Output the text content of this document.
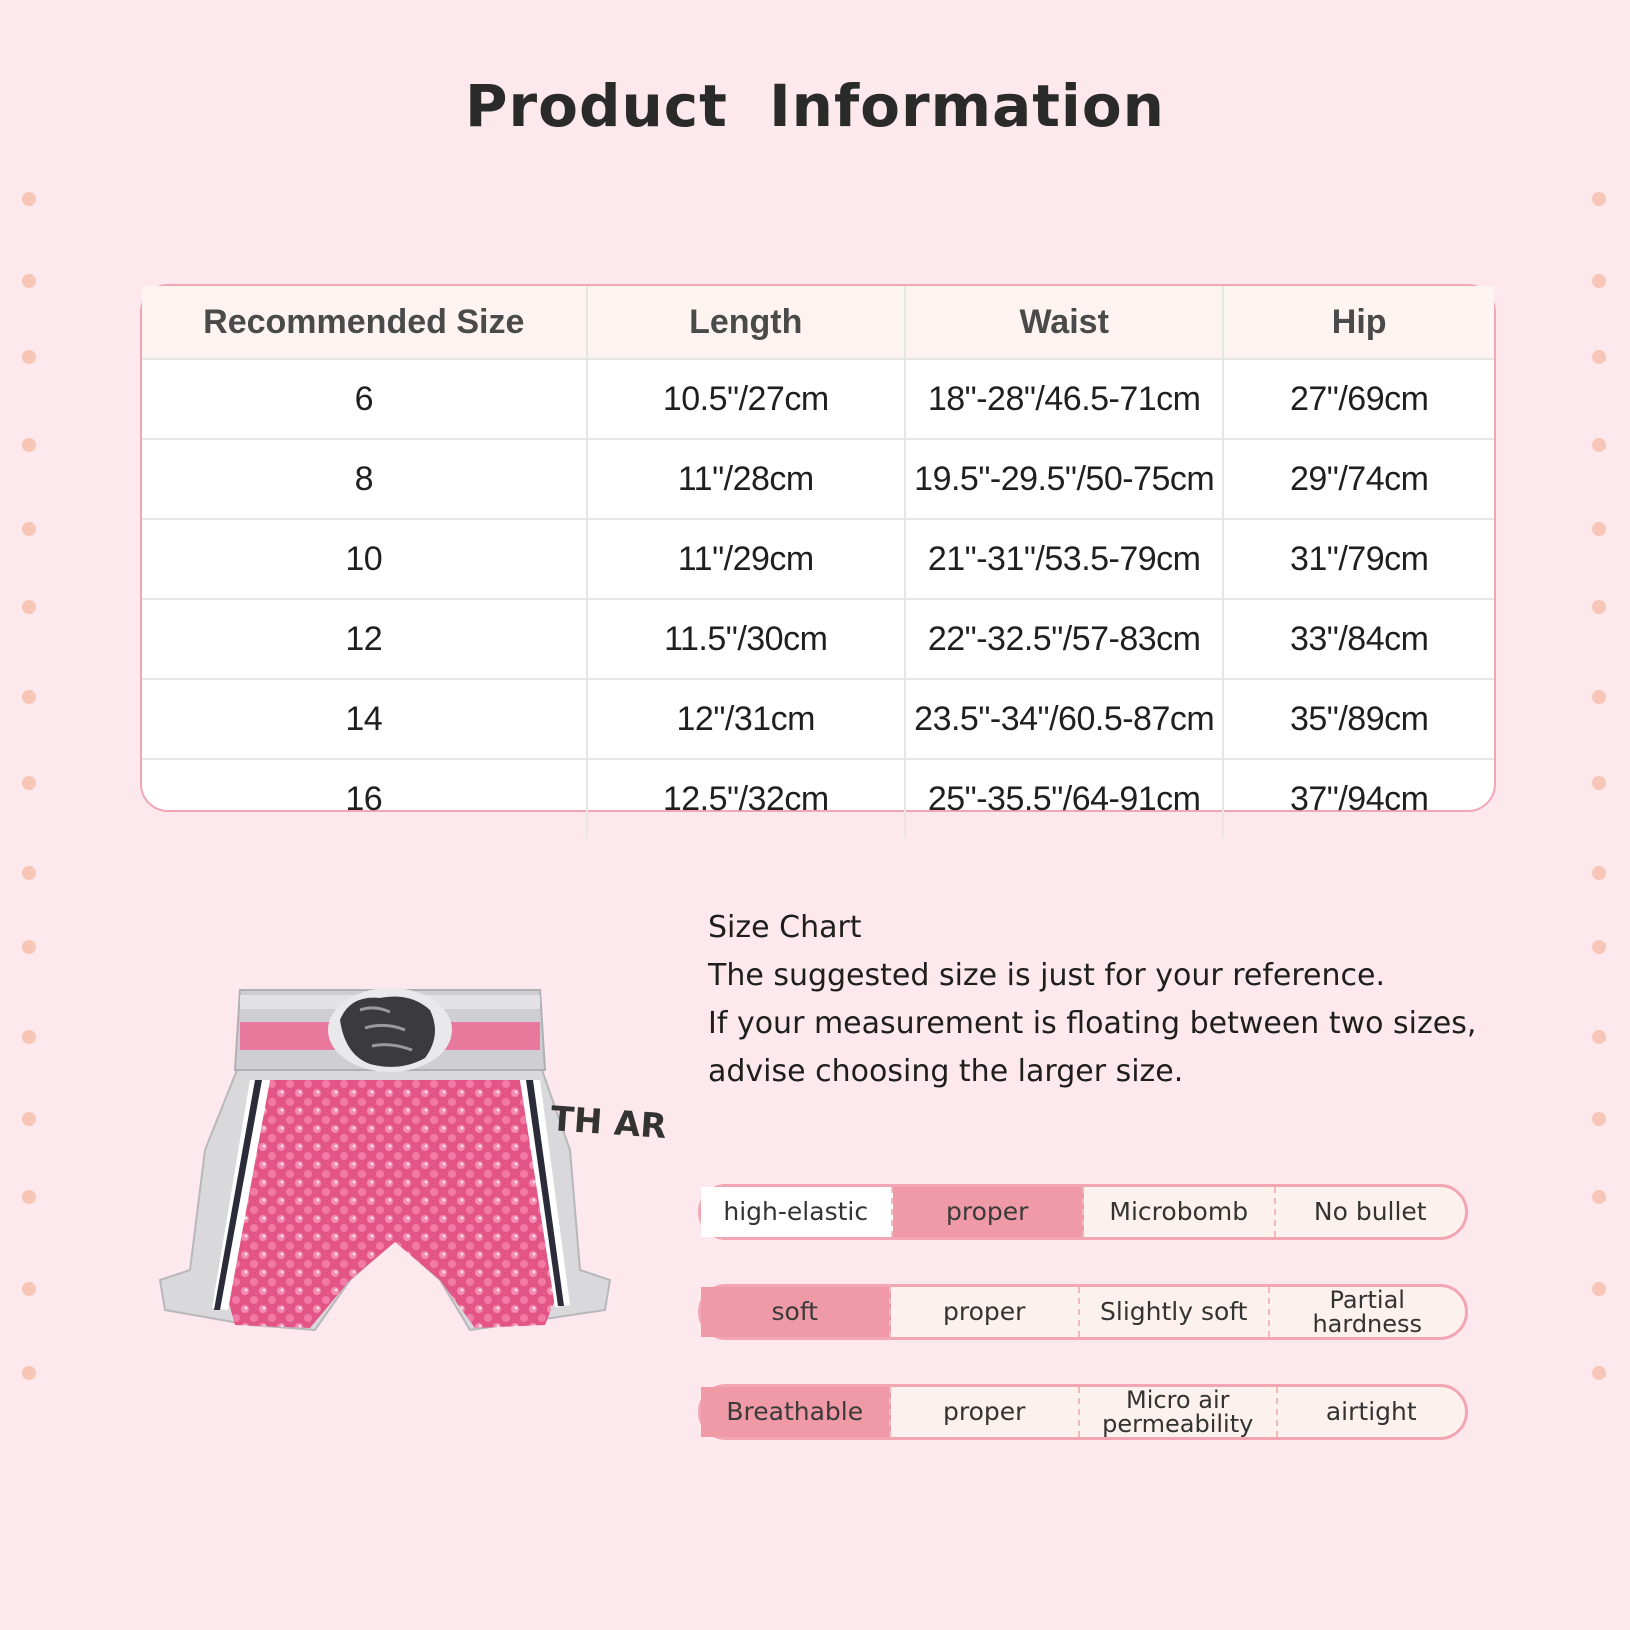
Product Information
Recommended Size	Length	Waist	Hip
6	10.5"/27cm	18"-28"/46.5-71cm	27"/69cm
8	11"/28cm	19.5"-29.5"/50-75cm	29"/74cm
10	11"/29cm	21"-31"/53.5-79cm	31"/79cm
12	11.5"/30cm	22"-32.5"/57-83cm	33"/84cm
14	12"/31cm	23.5"-34"/60.5-87cm	35"/89cm
16	12.5"/32cm	25"-35.5"/64-91cm	37"/94cm
TH AR
Size Chart
The suggested size is just for your reference.
If your measurement is floating between two sizes,
advise choosing the larger size.
high-elastic	proper	Microbomb	No bullet
soft	proper	Slightly soft	Partial hardness
Breathable	proper	Micro air permeability	airtight
